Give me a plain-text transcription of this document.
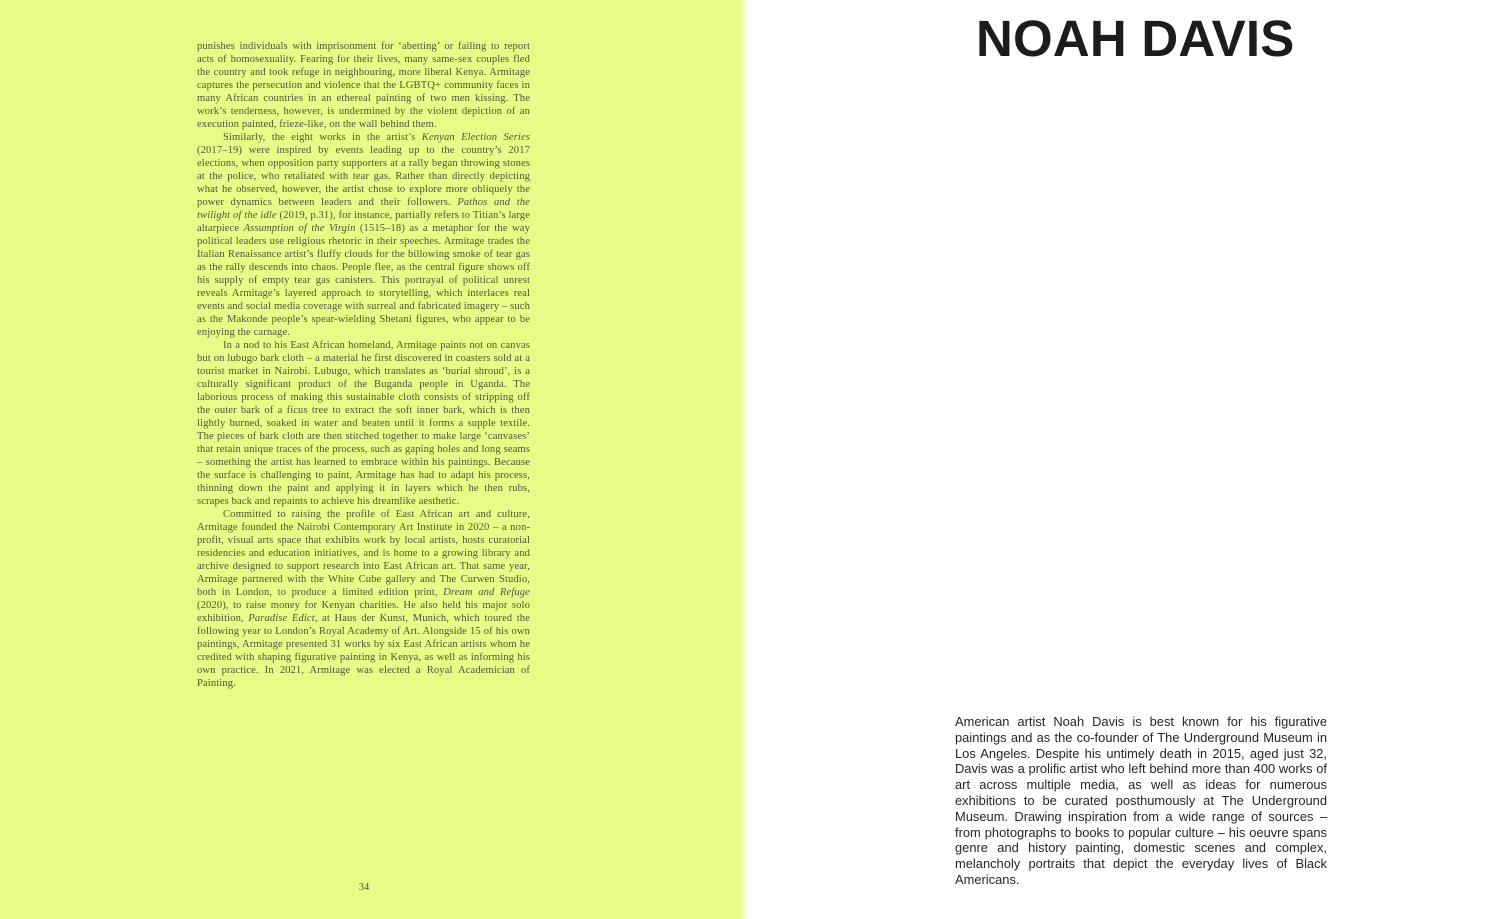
punishes individuals with imprisonment for ‘abetting’ or failing to report acts of homosexuality. Fearing for their lives, many same-sex couples fled the country and took refuge in neighbouring, more liberal Kenya. Armitage captures the persecution and violence that the LGBTQ+ community faces in many African countries in an ethereal painting of two men kissing. The work’s tenderness, however, is undermined by the violent depiction of an execution painted, frieze-like, on the wall behind them.

Similarly, the eight works in the artist’s Kenyan Election Series (2017–19) were inspired by events leading up to the country’s 2017 elections, when opposition party supporters at a rally began throwing stones at the police, who retaliated with tear gas. Rather than directly depicting what he observed, however, the artist chose to explore more obliquely the power dynamics between leaders and their followers. Pathos and the twilight of the idle (2019, p.31), for instance, partially refers to Titian’s large altarpiece Assumption of the Virgin (1515–18) as a metaphor for the way political leaders use religious rhetoric in their speeches. Armitage trades the Italian Renaissance artist’s fluffy clouds for the billowing smoke of tear gas as the rally descends into chaos. People flee, as the central figure shows off his supply of empty tear gas canisters. This portrayal of political unrest reveals Armitage’s layered approach to storytelling, which interlaces real events and social media coverage with surreal and fabricated imagery – such as the Makonde people’s spear-wielding Shetani figures, who appear to be enjoying the carnage.

In a nod to his East African homeland, Armitage paints not on canvas but on lubugo bark cloth – a material he first discovered in coasters sold at a tourist market in Nairobi. Lubugo, which translates as ‘burial shroud’, is a culturally significant product of the Buganda people in Uganda. The laborious process of making this sustainable cloth consists of stripping off the outer bark of a ficus tree to extract the soft inner bark, which is then lightly burned, soaked in water and beaten until it forms a supple textile. The pieces of bark cloth are then stitched together to make large ‘canvases’ that retain unique traces of the process, such as gaping holes and long seams – something the artist has learned to embrace within his paintings. Because the surface is challenging to paint, Armitage has had to adapt his process, thinning down the paint and applying it in layers which he then rubs, scrapes back and repaints to achieve his dreamlike aesthetic.

Committed to raising the profile of East African art and culture, Armitage founded the Nairobi Contemporary Art Institute in 2020 – a non-profit, visual arts space that exhibits work by local artists, hosts curatorial residencies and education initiatives, and is home to a growing library and archive designed to support research into East African art. That same year, Armitage partnered with the White Cube gallery and The Curwen Studio, both in London, to produce a limited edition print, Dream and Refuge (2020), to raise money for Kenyan charities. He also held his major solo exhibition, Paradise Edict, at Haus der Kunst, Munich, which toured the following year to London’s Royal Academy of Art. Alongside 15 of his own paintings, Armitage presented 31 works by six East African artists whom he credited with shaping figurative painting in Kenya, as well as informing his own practice. In 2021, Armitage was elected a Royal Academician of Painting.

34
NOAH DAVIS

American artist Noah Davis is best known for his figurative paintings and as the co-founder of The Underground Museum in Los Angeles. Despite his untimely death in 2015, aged just 32, Davis was a prolific artist who left behind more than 400 works of art across multiple media, as well as ideas for numerous exhibitions to be curated posthumously at The Underground Museum. Drawing inspiration from a wide range of sources – from photographs to books to popular culture – his oeuvre spans genre and history painting, domestic scenes and complex, melancholy portraits that depict the everyday lives of Black Americans.
